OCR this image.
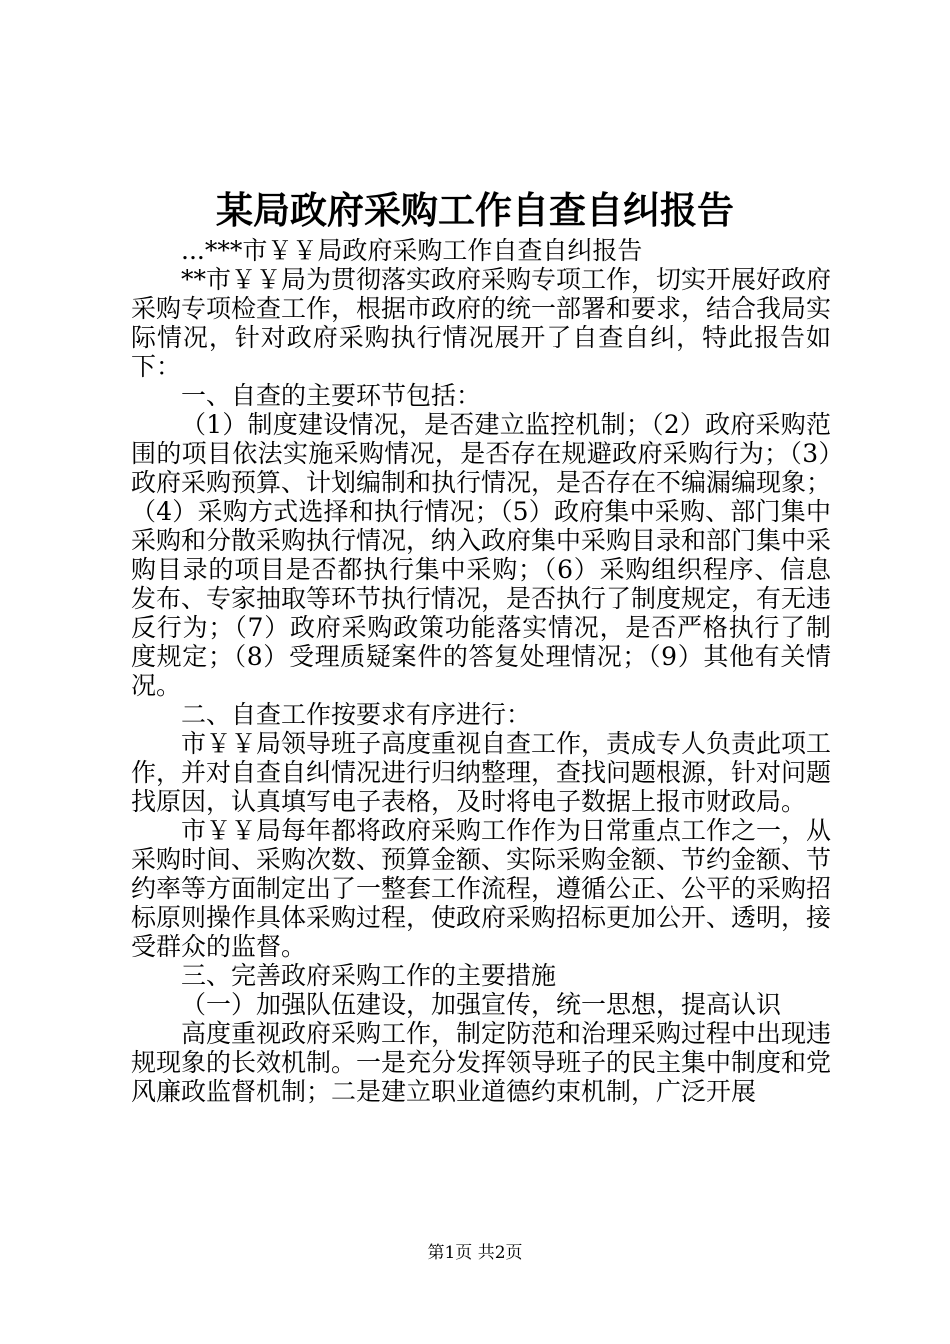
某局政府采购工作自查自纠报告

...***市￥￥局政府采购工作自查自纠报告

**市￥￥局为贯彻落实政府采购专项工作，切实开展好政府采购专项检查工作，根据市政府的统一部署和要求，结合我局实际情况，针对政府采购执行情况展开了自查自纠，特此报告如下：

一、自查的主要环节包括：

（1）制度建设情况，是否建立监控机制；（2）政府采购范围的项目依法实施采购情况，是否存在规避政府采购行为；（3）政府采购预算、计划编制和执行情况，是否存在不编漏编现象；（4）采购方式选择和执行情况；（5）政府集中采购、部门集中采购和分散采购执行情况，纳入政府集中采购目录和部门集中采购目录的项目是否都执行集中采购；（6）采购组织程序、信息发布、专家抽取等环节执行情况，是否执行了制度规定，有无违反行为；（7）政府采购政策功能落实情况，是否严格执行了制度规定；（8）受理质疑案件的答复处理情况；（9）其他有关情况。

二、自查工作按要求有序进行：

市￥￥局领导班子高度重视自查工作，责成专人负责此项工作，并对自查自纠情况进行归纳整理，查找问题根源，针对问题找原因，认真填写电子表格，及时将电子数据上报市财政局。

市￥￥局每年都将政府采购工作作为日常重点工作之一，从采购时间、采购次数、预算金额、实际采购金额、节约金额、节约率等方面制定出了一整套工作流程，遵循公正、公平的采购招标原则操作具体采购过程，使政府采购招标更加公开、透明，接受群众的监督。

三、完善政府采购工作的主要措施

（一）加强队伍建设，加强宣传，统一思想，提高认识

高度重视政府采购工作，制定防范和治理采购过程中出现违规现象的长效机制。一是充分发挥领导班子的民主集中制度和党风廉政监督机制；二是建立职业道德约束机制，广泛开展

第1页 共2页
